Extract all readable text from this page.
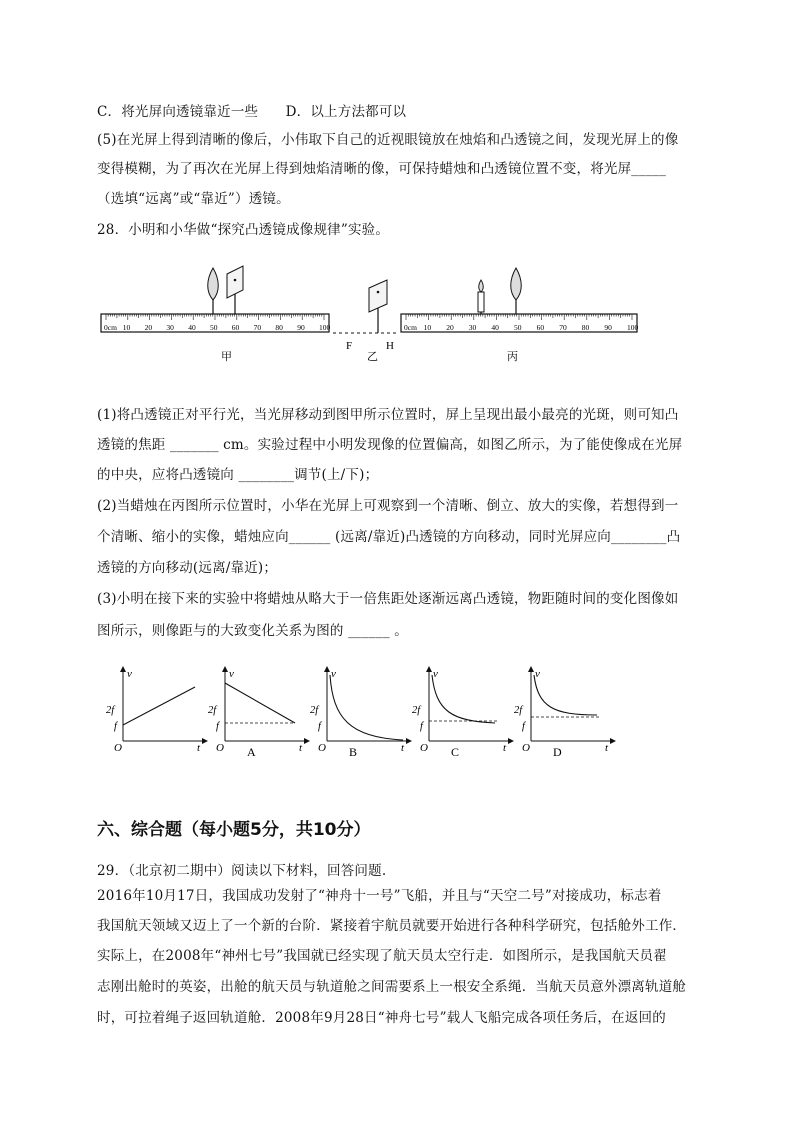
C．将光屏向透镜靠近一些　　D．以上方法都可以
(5)在光屏上得到清晰的像后，小伟取下自己的近视眼镜放在烛焰和凸透镜之间，发现光屏上的像
变得模糊，为了再次在光屏上得到烛焰清晰的像，可保持蜡烛和凸透镜位置不变，将光屏_____
（选填“远离”或“靠近”）透镜。
28．小明和小华做“探究凸透镜成像规律”实验。
0cm 10 20 30 40 50 60 70 80 90 100
F	H
0cm 10 20 30 40 50 60 70 80 90 100
甲	乙	丙
(1)将凸透镜正对平行光，当光屏移动到图甲所示位置时，屏上呈现出最小最亮的光斑，则可知凸
透镜的焦距 _______ cm。实验过程中小明发现像的位置偏高，如图乙所示，为了能使像成在光屏
的中央，应将凸透镜向 ________调节(上/下)；
(2)当蜡烛在丙图所示位置时，小华在光屏上可观察到一个清晰、倒立、放大的实像，若想得到一
个清晰、缩小的实像，蜡烛应向______ (远离/靠近)凸透镜的方向移动，同时光屏应向________凸
透镜的方向移动(远离/靠近)；
(3)小明在接下来的实验中将蜡烛从略大于一倍焦距处逐渐远离凸透镜，物距随时间的变化图像如
图所示，则像距与的大致变化关系为图的 ______ 。
v
t
O
2f
f
v
t
O
2f
f
A
v
t
O
2f
f
B
v
t
O
2f
f
C
v
t
O
2f
f
D
六、综合题（每小题5分，共10分）
29．（北京初二期中）阅读以下材料，回答问题.
2016年10月17日，我国成功发射了“神舟十一号”飞船，并且与“天空二号”对接成功，标志着
我国航天领域又迈上了一个新的台阶．紧接着宇航员就要开始进行各种科学研究，包括舱外工作．
实际上，在2008年“神州七号”我国就已经实现了航天员太空行走．如图所示，是我国航天员翟
志刚出舱时的英姿，出舱的航天员与轨道舱之间需要系上一根安全系绳．当航天员意外漂离轨道舱
时，可拉着绳子返回轨道舱．2008年9月28日“神舟七号”载人飞船完成各项任务后，在返回的
